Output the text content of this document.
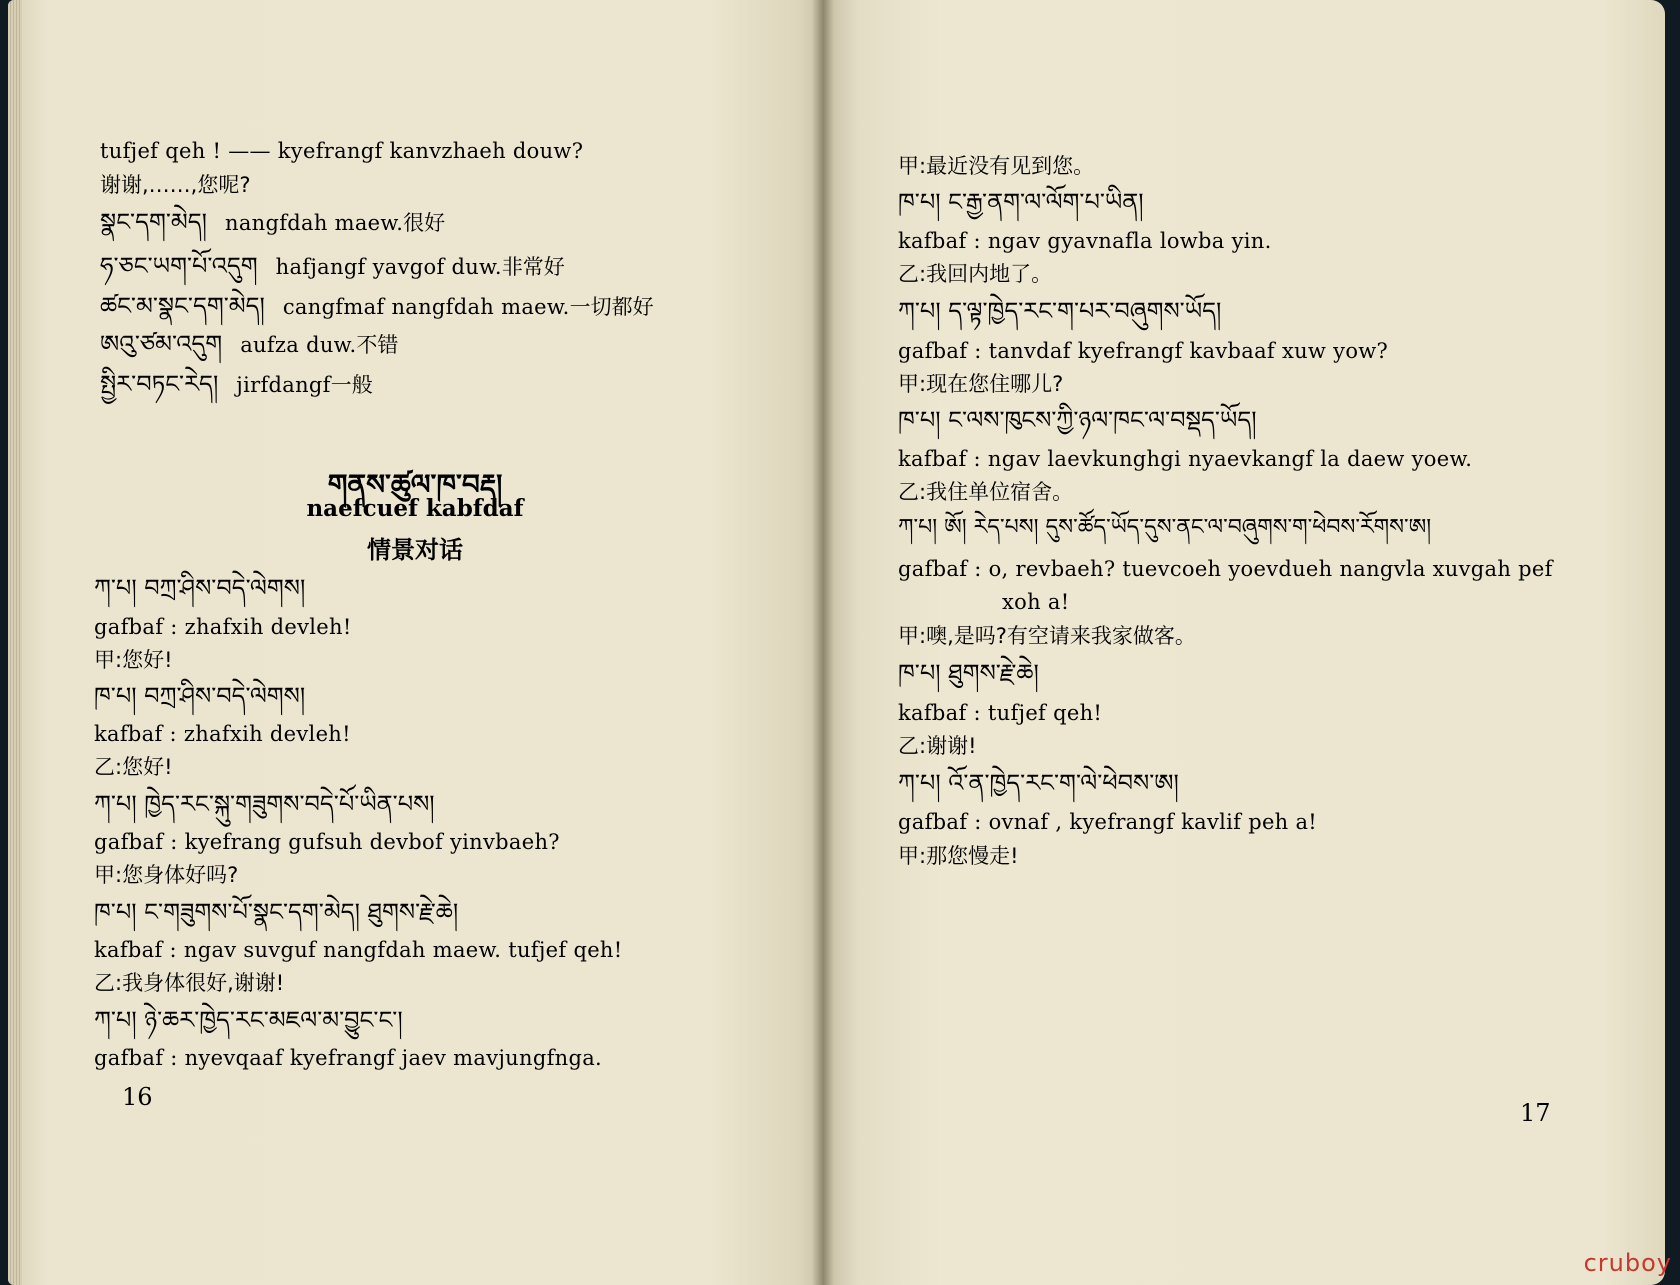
tufjef qeh ! —— kyefrangf kanvzhaeh douw?
谢谢,……,您呢?
སྣང་དག་མེད། nangfdah maew.很好
ཧ་ཅང་ཡག་པོ་འདུག hafjangf yavgof duw.非常好
ཚང་མ་སྣང་དག་མེད། cangfmaf nangfdah maew.一切都好
ཨའུ་ཙམ་འདུག aufza duw.不错
སྤྱིར་བཏང་རེད། jirfdangf一般
གནས་ཚུལ་ཁ་བརྡ།
naefcuef kabfdaf
情景对话
ཀ་པ། བཀྲ་ཤིས་བདེ་ལེགས།
gafbaf : zhafxih devleh!
甲:您好!
ཁ་པ། བཀྲ་ཤིས་བདེ་ལེགས།
kafbaf : zhafxih devleh!
乙:您好!
ཀ་པ། ཁྱེད་རང་སྐུ་གཟུགས་བདེ་པོ་ཡིན་པས།
gafbaf : kyefrang gufsuh devbof yinvbaeh?
甲:您身体好吗?
ཁ་པ། ང་གཟུགས་པོ་སྣང་དག་མེད། ཐུགས་རྗེ་ཆེ།
kafbaf : ngav suvguf nangfdah maew. tufjef qeh!
乙:我身体很好,谢谢!
ཀ་པ། ཉེ་ཆར་ཁྱེད་རང་མཇལ་མ་བྱུང་ང་།
gafbaf : nyevqaaf kyefrangf jaev mavjungfnga.
16
甲:最近没有见到您。
ཁ་པ། ང་རྒྱ་ནག་ལ་ལོག་པ་ཡིན།
kafbaf : ngav gyavnafla lowba yin.
乙:我回内地了。
ཀ་པ། ད་ལྟ་ཁྱེད་རང་ག་པར་བཞུགས་ཡོད།
gafbaf : tanvdaf kyefrangf kavbaaf xuw yow?
甲:现在您住哪儿?
ཁ་པ། ང་ལས་ཁུངས་ཀྱི་ཉལ་ཁང་ལ་བསྡད་ཡོད།
kafbaf : ngav laevkunghgi nyaevkangf la daew yoew.
乙:我住单位宿舍。
ཀ་པ། ཨོ། རེད་པས། དུས་ཚོད་ཡོད་དུས་ནང་ལ་བཞུགས་ག་ཕེབས་རོགས་ཨ།
gafbaf : o, revbaeh? tuevcoeh yoevdueh nangvla xuvgah pef
xoh a!
甲:噢,是吗?有空请来我家做客。
ཁ་པ། ཐུགས་རྗེ་ཆེ།
kafbaf : tufjef qeh!
乙:谢谢!
ཀ་པ། འོ་ན་ཁྱེད་རང་ག་ལེ་ཕེབས་ཨ།
gafbaf : ovnaf , kyefrangf kavlif peh a!
甲:那您慢走!
17
cruboy
